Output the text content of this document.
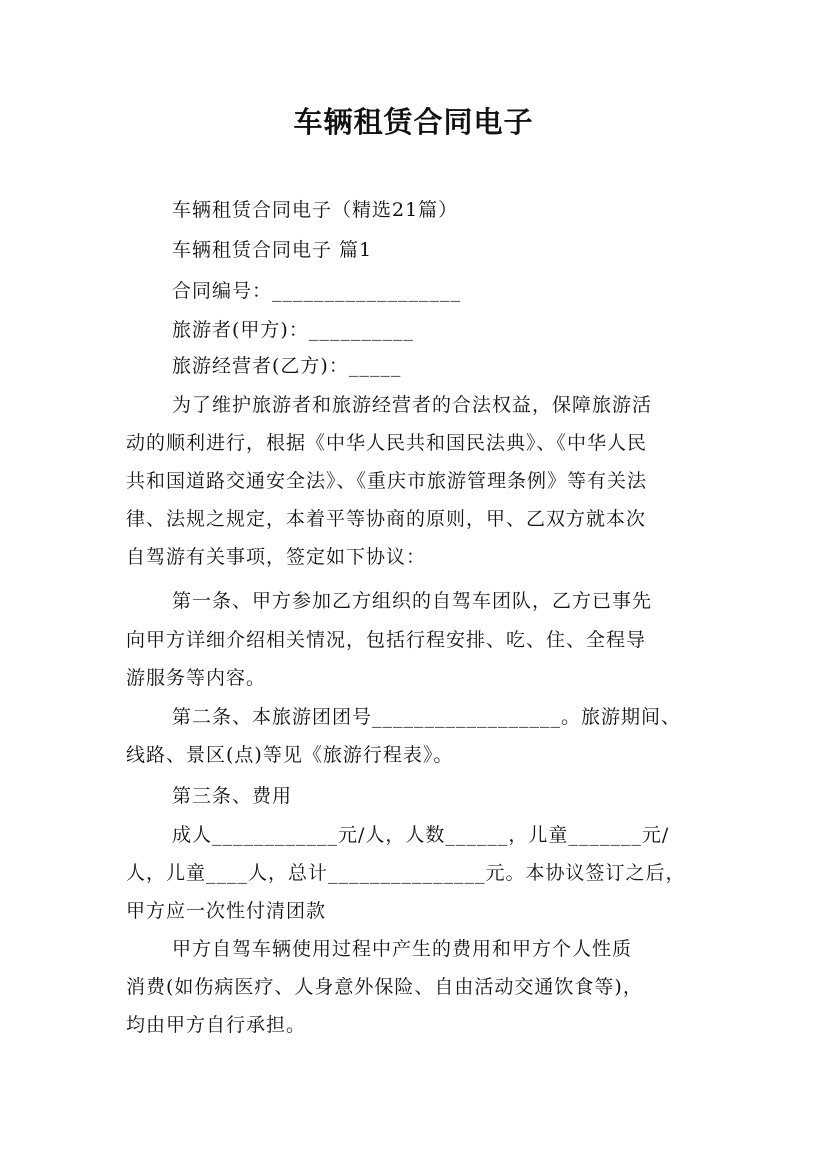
车辆租赁合同电子
车辆租赁合同电子（精选21篇）
车辆租赁合同电子 篇1
合同编号：__________________
旅游者(甲方)：__________
旅游经营者(乙方)：_____
为了维护旅游者和旅游经营者的合法权益，保障旅游活
动的顺利进行，根据《中华人民共和国民法典》、《中华人民
共和国道路交通安全法》、《重庆市旅游管理条例》等有关法
律、法规之规定，本着平等协商的原则，甲、乙双方就本次
自驾游有关事项，签定如下协议：
第一条、甲方参加乙方组织的自驾车团队，乙方已事先
向甲方详细介绍相关情况，包括行程安排、吃、住、全程导
游服务等内容。
第二条、本旅游团团号__________________。旅游期间、
线路、景区(点)等见《旅游行程表》。
第三条、费用
成人____________元/人，人数______，儿童_______元/
人，儿童____人，总计_______________元。本协议签订之后，
甲方应一次性付清团款
甲方自驾车辆使用过程中产生的费用和甲方个人性质
消费(如伤病医疗、人身意外保险、自由活动交通饮食等)，
均由甲方自行承担。
